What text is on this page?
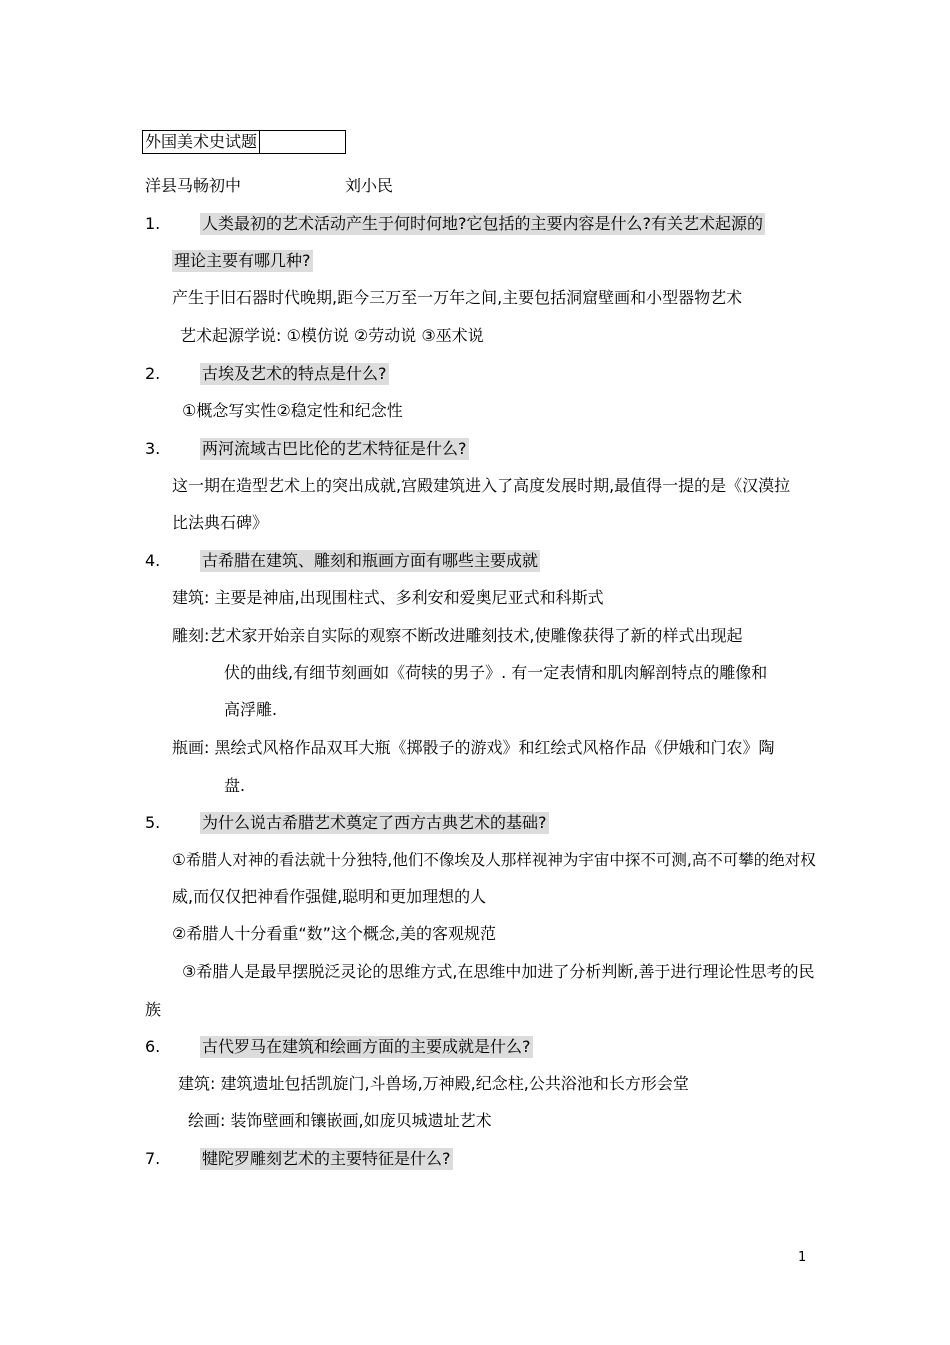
外国美术史试题
洋县马畅初中	刘小民
1.	人类最初的艺术活动产生于何时何地?它包括的主要内容是什么?有关艺术起源的
理论主要有哪几种?
产生于旧石器时代晚期,距今三万至一万年之间,主要包括洞窟壁画和小型器物艺术
艺术起源学说: ①模仿说 ②劳动说 ③巫术说
2.	古埃及艺术的特点是什么?
①概念写实性②稳定性和纪念性
3.	两河流域古巴比伦的艺术特征是什么?
这一期在造型艺术上的突出成就,宫殿建筑进入了高度发展时期,最值得一提的是《汉漠拉
比法典石碑》
4.	古希腊在建筑、雕刻和瓶画方面有哪些主要成就
建筑: 主要是神庙,出现围柱式、多利安和爱奥尼亚式和科斯式
雕刻:艺术家开始亲自实际的观察不断改进雕刻技术,使雕像获得了新的样式出现起
伏的曲线,有细节刻画如《荷犊的男子》. 有一定表情和肌肉解剖特点的雕像和
高浮雕.
瓶画: 黑绘式风格作品双耳大瓶《掷骰子的游戏》和红绘式风格作品《伊娥和门农》陶
盘.
5.	为什么说古希腊艺术奠定了西方古典艺术的基础?
①希腊人对神的看法就十分独特,他们不像埃及人那样视神为宇宙中探不可测,高不可攀的绝对权
威,而仅仅把神看作强健,聪明和更加理想的人
②希腊人十分看重“数”这个概念,美的客观规范
③希腊人是最早摆脱泛灵论的思维方式,在思维中加进了分析判断,善于进行理论性思考的民
族
6.	古代罗马在建筑和绘画方面的主要成就是什么?
建筑: 建筑遗址包括凯旋门,斗兽场,万神殿,纪念柱,公共浴池和长方形会堂
绘画: 装饰壁画和镶嵌画,如庞贝城遗址艺术
7.	犍陀罗雕刻艺术的主要特征是什么?
1
